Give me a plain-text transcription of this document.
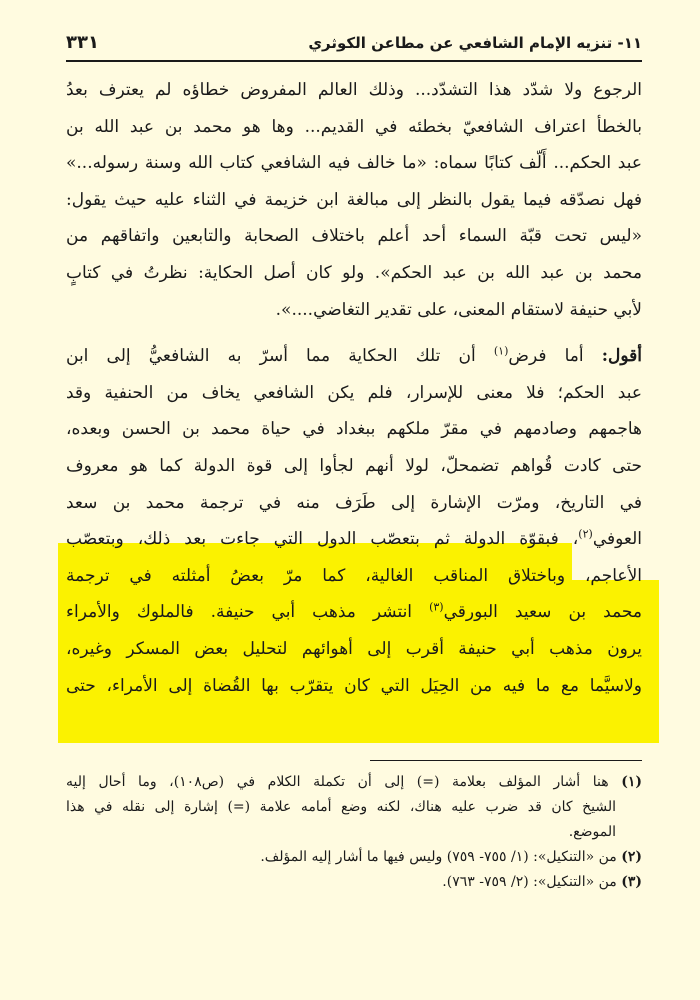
١١- تنزيه الإمام الشافعي عن مطاعن الكوثري
٣٣١
الرجوع ولا شدّد هذا التشدّد... وذلك العالم المفروض خطاؤه لم يعترف بعدُ
بالخطأ اعتراف الشافعيّ بخطئه في القديم... وها هو محمد بن عبد الله بن
عبد الحكم... أَلّف كتابًا سماه: «ما خالف فيه الشافعي كتاب الله وسنة رسوله...»
فهل نصدّقه فيما يقول بالنظر إلى مبالغة ابن خزيمة في الثناء عليه حيث يقول:
«ليس تحت قبّة السماء أحد أعلم باختلاف الصحابة والتابعين واتفاقهم من
محمد بن عبد الله بن عبد الحكم». ولو كان أصل الحكاية: نظرتُ في كتابٍ
لأبي حنيفة لاستقام المعنى، على تقدير التغاضي....».
أقول: أما فرض$^{(١)}$ أن تلك الحكاية مما أسرّ به الشافعيُّ إلى ابن
عبد الحكم؛ فلا معنى للإسرار، فلم يكن الشافعي يخاف من الحنفية وقد
هاجمهم وصادمهم في مقرّ ملكهم ببغداد في حياة محمد بن الحسن وبعده،
حتى كادت قُواهم تضمحلّ، لولا أنهم لجأوا إلى قوة الدولة كما هو معروف
في التاريخ، ومرّت الإشارة إلى طَرَف منه في ترجمة محمد بن سعد
العوفي$^{(٢)}$، فبقوّة الدولة ثم بتعصّب الدول التي جاءت بعد ذلك، وبتعصّب
الأعاجم، وباختلاق المناقب الغالية، كما مرّ بعضُ أمثلته في ترجمة
محمد بن سعيد البورقي$^{(٣)}$ انتشر مذهب أبي حنيفة. فالملوك والأمراء
يرون مذهب أبي حنيفة أقرب إلى أهوائهم لتحليل بعض المسكر وغيره،
ولاسيَّما مع ما فيه من الحِيَل التي كان يتقرّب بها القُضاة إلى الأمراء، حتى
(١) هنا أشار المؤلف بعلامة (=) إلى أن تكملة الكلام في (ص١٠٨)، وما أحال إليه
الشيخ كان قد ضرب عليه هناك، لكنه وضع أمامه علامة (=) إشارة إلى نقله في هذا
الموضع.
(٢) من «التنكيل»: (١/ ٧٥٥- ٧٥٩) وليس فيها ما أشار إليه المؤلف.
(٣) من «التنكيل»: (٢/ ٧٥٩- ٧٦٣).
